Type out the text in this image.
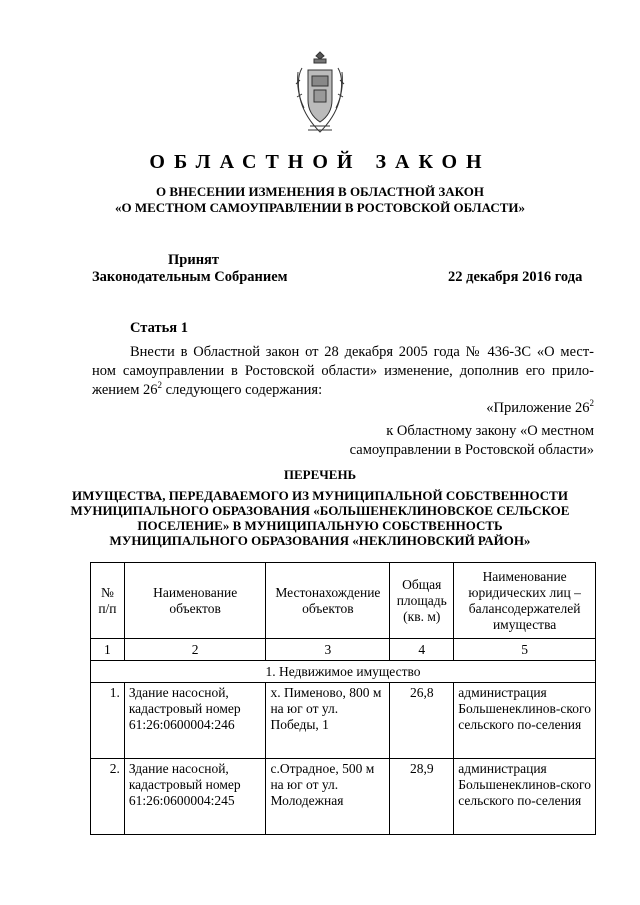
ОБЛАСТНОЙ ЗАКОН
О ВНЕСЕНИИ ИЗМЕНЕНИЯ В ОБЛАСТНОЙ ЗАКОН
«О МЕСТНОМ САМОУПРАВЛЕНИИ В РОСТОВСКОЙ ОБЛАСТИ»
Принят
Законодательным Собранием	22 декабря 2016 года
Статья 1
Внести в Областной закон от 28 декабря 2005 года № 436-ЗС «О мест-
ном самоуправлении в Ростовской области» изменение, дополнив его прило-
жением $26^2$ следующего содержания:
«Приложение $26^2$
к Областному закону «О местном
самоуправлении в Ростовской области»
ПЕРЕЧЕНЬ
ИМУЩЕСТВА, ПЕРЕДАВАЕМОГО ИЗ МУНИЦИПАЛЬНОЙ СОБСТВЕННОСТИ
МУНИЦИПАЛЬНОГО ОБРАЗОВАНИЯ «БОЛЬШЕНЕКЛИНОВСКОЕ СЕЛЬСКОЕ
ПОСЕЛЕНИЕ» В МУНИЦИПАЛЬНУЮ СОБСТВЕННОСТЬ
МУНИЦИПАЛЬНОГО ОБРАЗОВАНИЯ «НЕКЛИНОВСКИЙ РАЙОН»
№ п/п	Наименование объектов	Местонахождение объектов	Общая площадь (кв. м)	Наименование юридических лиц – балансодержателей имущества
1	2	3	4	5
1. Недвижимое имущество				
1.	Здание насосной, кадастровый номер 61:26:0600004:246	х. Пименово, 800 м на юг от ул. Победы, 1	26,8	администрация Большенеклинов-ского сельского по-селения
2.	Здание насосной, кадастровый номер 61:26:0600004:245	с.Отрадное, 500 м на юг от ул. Молодежная	28,9	администрация Большенеклинов-ского сельского по-селения
